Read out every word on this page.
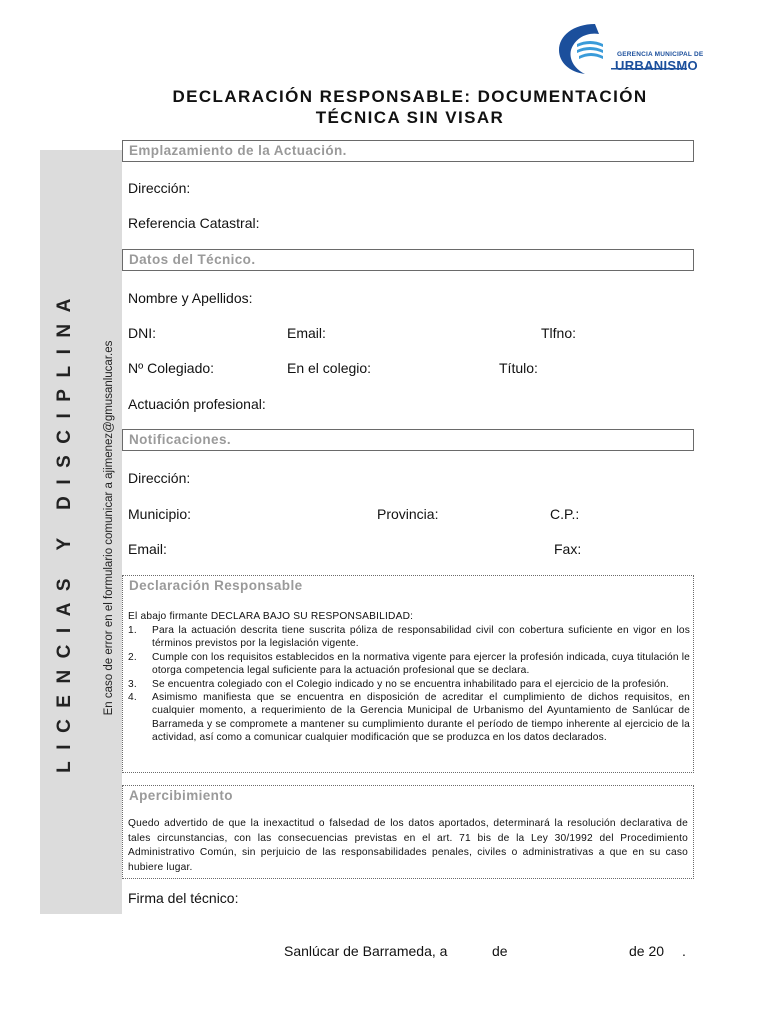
GERENCIA MUNICIPAL DE
URBANISMO
DECLARACIÓN RESPONSABLE: DOCUMENTACIÓN
TÉCNICA SIN VISAR
LICENCIAS Y DISCIPLINA En caso de error en el formulario comunicar a ajimenez@gmusanlucar.es
Emplazamiento de la Actuación.
Dirección:
Referencia Catastral:
Datos del Técnico.
Nombre y Apellidos:
DNI:	Email:	Tlfno:
Nº Colegiado:	En el colegio:	Título:
Actuación profesional:
Notificaciones.
Dirección:
Municipio:	Provincia:	C.P.:
Email:	Fax:
Declaración Responsable
El abajo firmante DECLARA BAJO SU RESPONSABILIDAD:
1.	Para la actuación descrita tiene suscrita póliza de responsabilidad civil con cobertura suficiente en vigor en los términos previstos por la legislación vigente.
2.	Cumple con los requisitos establecidos en la normativa vigente para ejercer la profesión indicada, cuya titulación le otorga competencia legal suficiente para la actuación profesional que se declara.
3.	Se encuentra colegiado con el Colegio indicado y no se encuentra inhabilitado para el ejercicio de la profesión.
4.	Asimismo manifiesta que se encuentra en disposición de acreditar el cumplimiento de dichos requisitos, en cualquier momento, a requerimiento de la Gerencia Municipal de Urbanismo del Ayuntamiento de Sanlúcar de Barrameda y se compromete a mantener su cumplimiento durante el período de tiempo inherente al ejercicio de la actividad, así como a comunicar cualquier modificación que se produzca en los datos declarados.
Apercibimiento
Quedo advertido de que la inexactitud o falsedad de los datos aportados, determinará la resolución declarativa de tales circunstancias, con las consecuencias previstas en el art. 71 bis de la Ley 30/1992 del Procedimiento Administrativo Común, sin perjuicio de las responsabilidades penales, civiles o administrativas a que en su caso hubiere lugar.
Firma del técnico:
Sanlúcar de Barrameda, a	de	de 20 .
